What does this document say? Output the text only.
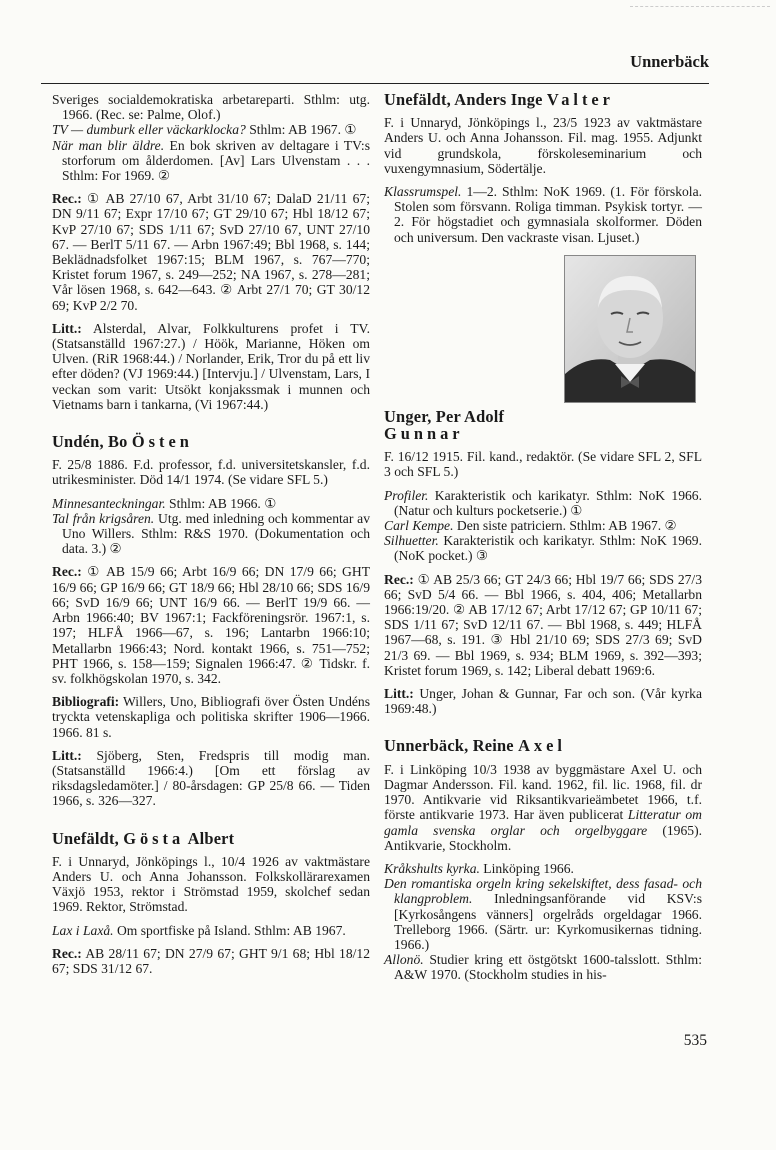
Unnerbäck

Sveriges socialdemokratiska arbetareparti. Sthlm: utg. 1966. (Rec. se: Palme, Olof.)

TV — dumburk eller väckarklocka? Sthlm: AB 1967. ①

När man blir äldre. En bok skriven av deltagare i TV:s storforum om ålderdomen. [Av] Lars Ulvenstam . . . Sthlm: For 1969. ②

Rec.: ① AB 27/10 67, Arbt 31/10 67; DalaD 21/11 67; DN 9/11 67; Expr 17/10 67; GT 29/10 67; Hbl 18/12 67; KvP 27/10 67; SDS 1/11 67; SvD 27/10 67, UNT 27/10 67. — BerlT 5/11 67. — Arbn 1967:49; Bbl 1968, s. 144; Beklädnadsfolket 1967:15; BLM 1967, s. 767—770; Kristet forum 1967, s. 249—252; NA 1967, s. 278—281; Vår lösen 1968, s. 642—643. ② Arbt 27/1 70; GT 30/12 69; KvP 2/2 70.

Litt.: Alsterdal, Alvar, Folkkulturens profet i TV. (Statsanställd 1967:27.) / Höök, Marianne, Höken om Ulven. (RiR 1968:44.) / Norlander, Erik, Tror du på ett liv efter döden? (VJ 1969:44.) [Intervju.] / Ulvenstam, Lars, I veckan som varit: Utsökt konjakssmak i munnen och Vietnams barn i tankarna, (Vi 1967:44.)

Undén, Bo Östen

F. 25/8 1886. F.d. professor, f.d. universitetskansler, f.d. utrikesminister. Död 14/1 1974. (Se vidare SFL 5.)

Minnesanteckningar. Sthlm: AB 1966. ①

Tal från krigsåren. Utg. med inledning och kommentar av Uno Willers. Sthlm: R&S 1970. (Dokumentation och data. 3.) ②

Rec.: ① AB 15/9 66; Arbt 16/9 66; DN 17/9 66; GHT 16/9 66; GP 16/9 66; GT 18/9 66; Hbl 28/10 66; SDS 16/9 66; SvD 16/9 66; UNT 16/9 66. — BerlT 19/9 66. — Arbn 1966:40; BV 1967:1; Fackföreningsrör. 1967:1, s. 197; HLFÅ 1966—67, s. 196; Lantarbn 1966:10; Metallarbn 1966:43; Nord. kontakt 1966, s. 751—752; PHT 1966, s. 158—159; Signalen 1966:47. ② Tidskr. f. sv. folkhögskolan 1970, s. 342.

Bibliografi: Willers, Uno, Bibliografi över Östen Undéns tryckta vetenskapliga och politiska skrifter 1906—1966. 1966. 81 s.

Litt.: Sjöberg, Sten, Fredspris till modig man. (Statsanställd 1966:4.) [Om ett förslag av riksdagsledamöter.] / 80-årsdagen: GP 25/8 66. — Tiden 1966, s. 326—327.

Unefäldt, Gösta Albert

F. i Unnaryd, Jönköpings l., 10/4 1926 av vaktmästare Anders U. och Anna Johansson. Folkskollärarexamen Växjö 1953, rektor i Strömstad 1959, skolchef sedan 1969. Rektor, Strömstad.

Lax i Laxå. Om sportfiske på Island. Sthlm: AB 1967.

Rec.: AB 28/11 67; DN 27/9 67; GHT 9/1 68; Hbl 18/12 67; SDS 31/12 67.

Unefäldt, Anders Inge Valter

F. i Unnaryd, Jönköpings l., 23/5 1923 av vaktmästare Anders U. och Anna Johansson. Fil. mag. 1955. Adjunkt vid grundskola, förskoleseminarium och vuxengymnasium, Södertälje.

Klassrumspel. 1—2. Sthlm: NoK 1969. (1. För förskola. Stolen som försvann. Roliga timman. Psykisk tortyr. — 2. För högstadiet och gymnasiala skolformer. Döden och universum. Den vackraste visan. Ljuset.)

Unger, Per Adolf
Gunnar

F. 16/12 1915. Fil. kand., redaktör. (Se vidare SFL 2, SFL 3 och SFL 5.)

Profiler. Karakteristik och karikatyr. Sthlm: NoK 1966. (Natur och kulturs pocketserie.) ①

Carl Kempe. Den siste patriciern. Sthlm: AB 1967. ②

Silhuetter. Karakteristik och karikatyr. Sthlm: NoK 1969. (NoK pocket.) ③

Rec.: ① AB 25/3 66; GT 24/3 66; Hbl 19/7 66; SDS 27/3 66; SvD 5/4 66. — Bbl 1966, s. 404, 406; Metallarbn 1966:19/20. ② AB 17/12 67; Arbt 17/12 67; GP 10/11 67; SDS 1/11 67; SvD 12/11 67. — Bbl 1968, s. 449; HLFÅ 1967—68, s. 191. ③ Hbl 21/10 69; SDS 27/3 69; SvD 21/3 69. — Bbl 1969, s. 934; BLM 1969, s. 392—393; Kristet forum 1969, s. 142; Liberal debatt 1969:6.

Litt.: Unger, Johan & Gunnar, Far och son. (Vår kyrka 1969:48.)

Unnerbäck, Reine Axel

F. i Linköping 10/3 1938 av byggmästare Axel U. och Dagmar Andersson. Fil. kand. 1962, fil. lic. 1968, fil. dr 1970. Antikvarie vid Riksantikvarieämbetet 1966, t.f. förste antikvarie 1973. Har även publicerat Litteratur om gamla svenska orglar och orgelbyggare (1965). Antikvarie, Stockholm.

Kråkshults kyrka. Linköping 1966.

Den romantiska orgeln kring sekelskiftet, dess fasad- och klangproblem. Inledningsanförande vid KSV:s [Kyrkosångens vänners] orgelråds orgeldagar 1966. Trelleborg 1966. (Särtr. ur: Kyrkomusikernas tidning. 1966.)

Allonö. Studier kring ett östgötskt 1600-talsslott. Sthlm: A&W 1970. (Stockholm studies in his-

535
